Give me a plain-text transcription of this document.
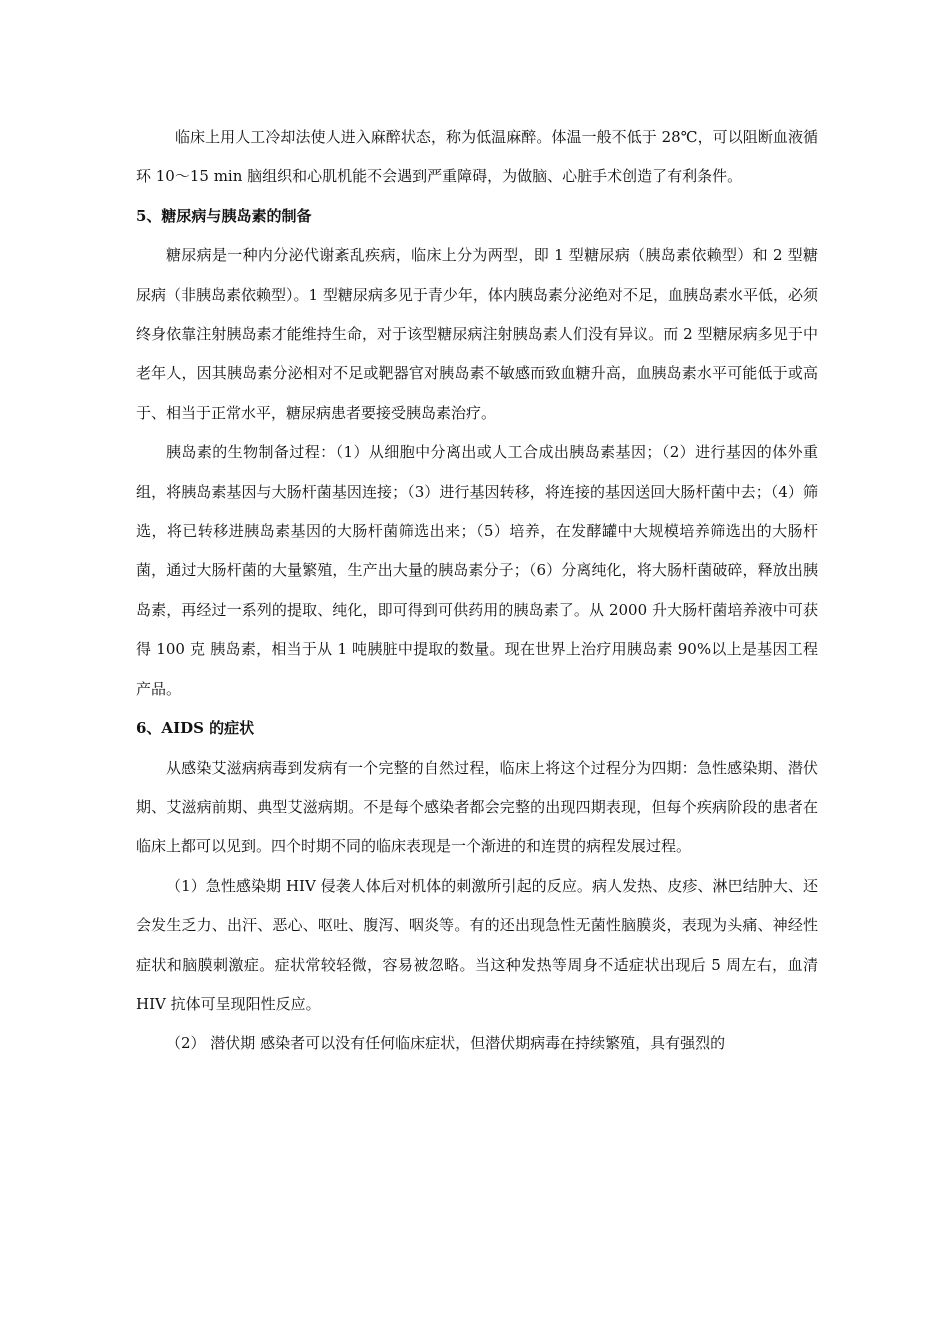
临床上用人工冷却法使人进入麻醉状态，称为低温麻醉。体温一般不低于 28℃，可以阻断血液循环 10～15 min 脑组织和心肌机能不会遇到严重障碍，为做脑、心脏手术创造了有利条件。

5、糖尿病与胰岛素的制备

糖尿病是一种内分泌代谢紊乱疾病，临床上分为两型，即 1 型糖尿病（胰岛素依赖型）和 2 型糖尿病（非胰岛素依赖型）。1 型糖尿病多见于青少年，体内胰岛素分泌绝对不足，血胰岛素水平低，必须终身依靠注射胰岛素才能维持生命，对于该型糖尿病注射胰岛素人们没有异议。而 2 型糖尿病多见于中老年人，因其胰岛素分泌相对不足或靶器官对胰岛素不敏感而致血糖升高，血胰岛素水平可能低于或高于、相当于正常水平，糖尿病患者要接受胰岛素治疗。

胰岛素的生物制备过程：（1）从细胞中分离出或人工合成出胰岛素基因；（2）进行基因的体外重组，将胰岛素基因与大肠杆菌基因连接；（3）进行基因转移，将连接的基因送回大肠杆菌中去；（4）筛选，将已转移进胰岛素基因的大肠杆菌筛选出来；（5）培养，在发酵罐中大规模培养筛选出的大肠杆菌，通过大肠杆菌的大量繁殖，生产出大量的胰岛素分子；（6）分离纯化，将大肠杆菌破碎，释放出胰岛素，再经过一系列的提取、纯化，即可得到可供药用的胰岛素了。从 2000 升大肠杆菌培养液中可获得 100 克 胰岛素，相当于从 1 吨胰脏中提取的数量。现在世界上治疗用胰岛素 90%以上是基因工程产品。

6、AIDS 的症状

从感染艾滋病病毒到发病有一个完整的自然过程，临床上将这个过程分为四期：急性感染期、潜伏期、艾滋病前期、典型艾滋病期。不是每个感染者都会完整的出现四期表现，但每个疾病阶段的患者在临床上都可以见到。四个时期不同的临床表现是一个渐进的和连贯的病程发展过程。

（1）急性感染期 HIV 侵袭人体后对机体的刺激所引起的反应。病人发热、皮疹、淋巴结肿大、还会发生乏力、出汗、恶心、呕吐、腹泻、咽炎等。有的还出现急性无菌性脑膜炎，表现为头痛、神经性症状和脑膜刺激症。症状常较轻微，容易被忽略。当这种发热等周身不适症状出现后 5 周左右，血清 HIV 抗体可呈现阳性反应。

（2） 潜伏期 感染者可以没有任何临床症状，但潜伏期病毒在持续繁殖，具有强烈的
